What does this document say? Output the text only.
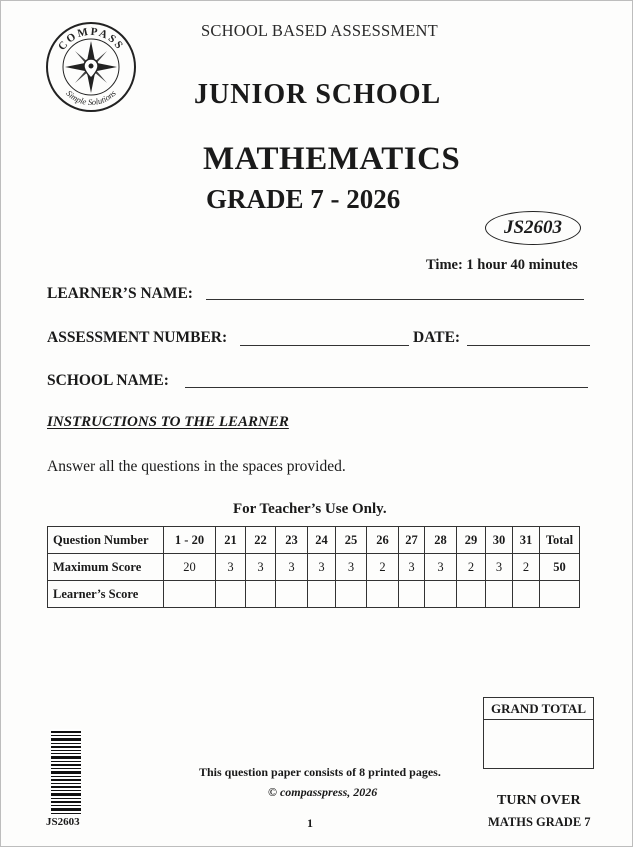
COMPASS
Simple Solutions
SCHOOL BASED ASSESSMENT
JUNIOR SCHOOL
MATHEMATICS
GRADE 7 - 2026
JS2603
Time: 1 hour 40 minutes
LEARNER’S NAME:
ASSESSMENT NUMBER:	DATE:
SCHOOL NAME:
INSTRUCTIONS TO THE LEARNER
Answer all the questions in the spaces provided.
For Teacher’s Use Only.
Question Number	1 - 20	21	22	23	24	25	26	27	28	29	30	31	Total
Maximum Score	20	3	3	3	3	3	2	3	3	2	3	2	50
Learner’s Score													
GRAND TOTAL
JS2603
This question paper consists of 8 printed pages.
© compasspress, 2026
1
TURN OVER
MATHS GRADE 7
